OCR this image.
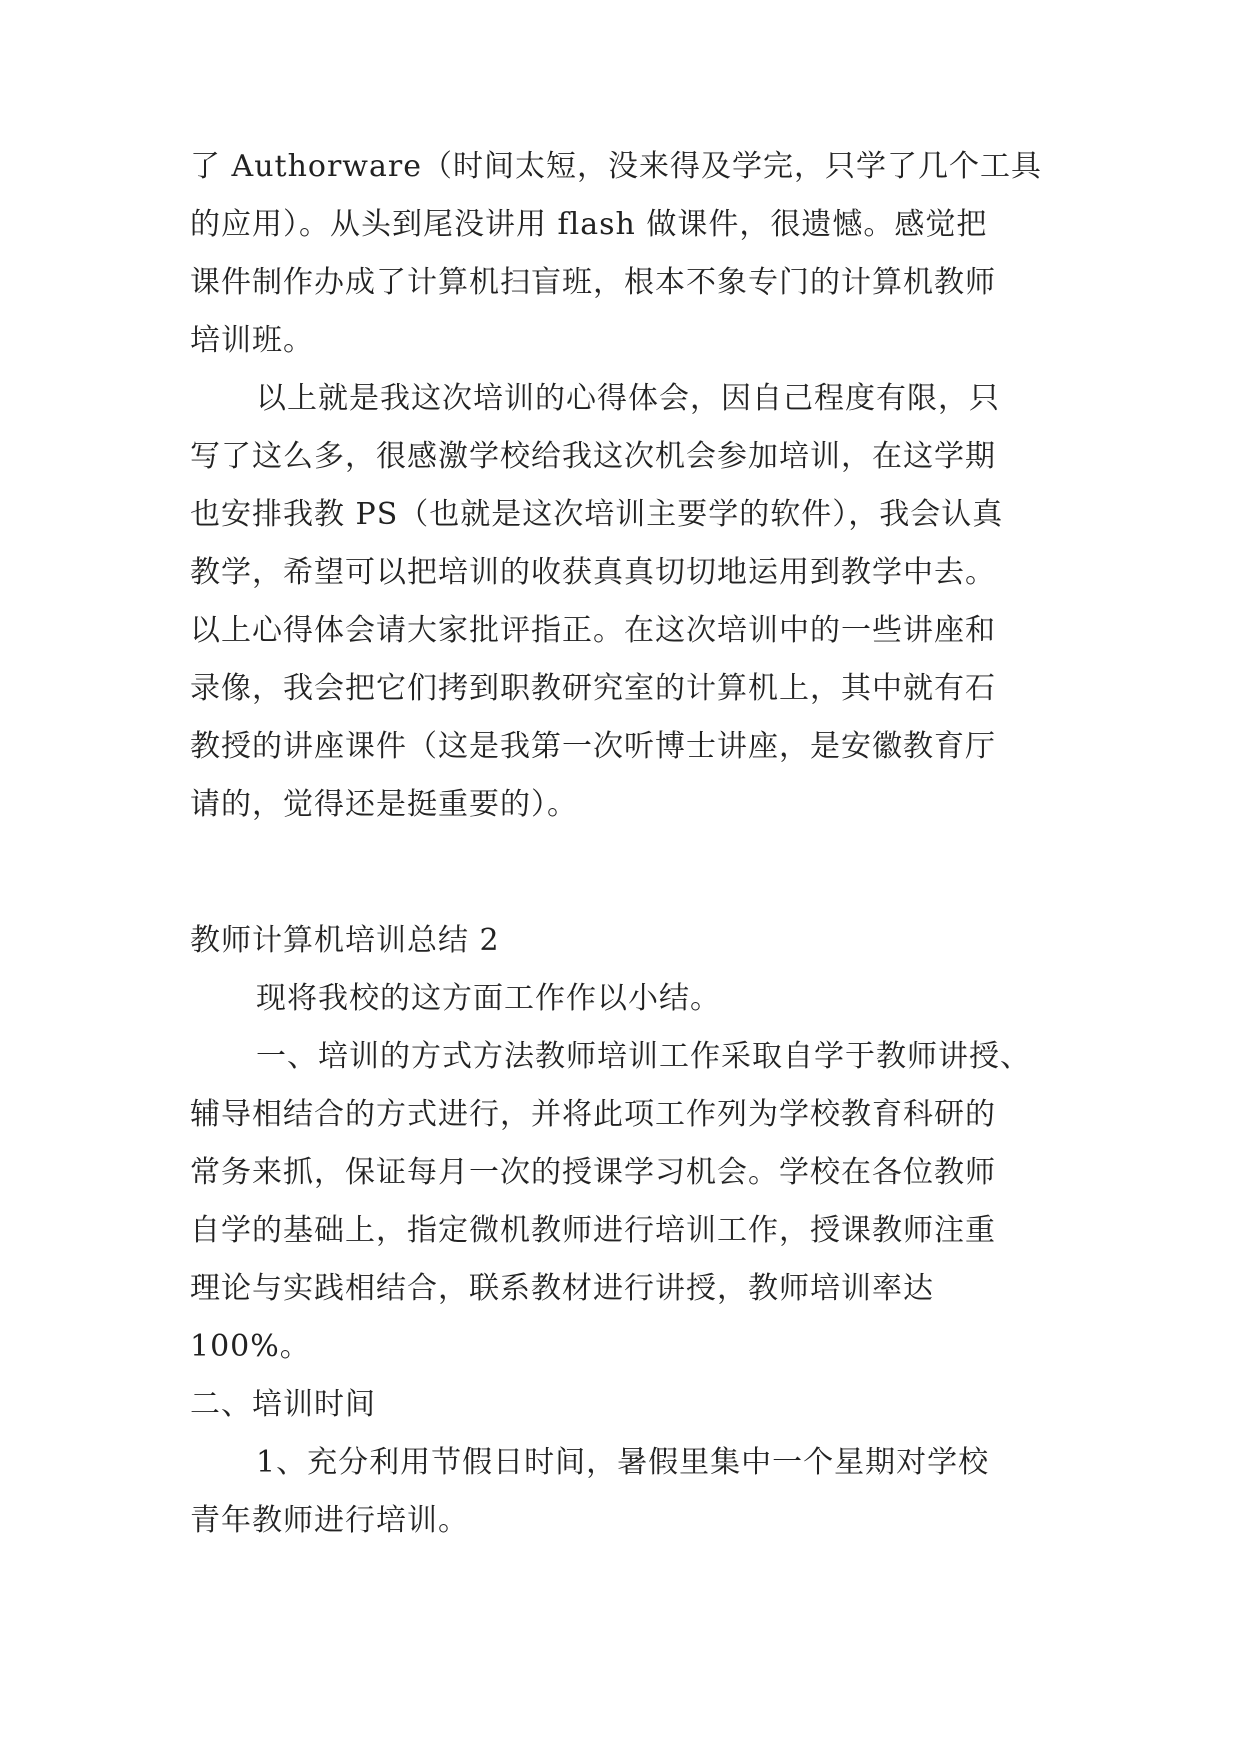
了 Authorware（时间太短，没来得及学完，只学了几个工具
的应用）。从头到尾没讲用 flash 做课件，很遗憾。感觉把
课件制作办成了计算机扫盲班，根本不象专门的计算机教师
培训班。
以上就是我这次培训的心得体会，因自己程度有限，只
写了这么多，很感激学校给我这次机会参加培训，在这学期
也安排我教 PS（也就是这次培训主要学的软件），我会认真
教学，希望可以把培训的收获真真切切地运用到教学中去。
以上心得体会请大家批评指正。在这次培训中的一些讲座和
录像，我会把它们拷到职教研究室的计算机上，其中就有石
教授的讲座课件（这是我第一次听博士讲座，是安徽教育厅
请的，觉得还是挺重要的）。
教师计算机培训总结 2
现将我校的这方面工作作以小结。
一、培训的方式方法教师培训工作采取自学于教师讲授、
辅导相结合的方式进行，并将此项工作列为学校教育科研的
常务来抓，保证每月一次的授课学习机会。学校在各位教师
自学的基础上，指定微机教师进行培训工作，授课教师注重
理论与实践相结合，联系教材进行讲授，教师培训率达
100%。
二、培训时间
1、充分利用节假日时间，暑假里集中一个星期对学校
青年教师进行培训。
